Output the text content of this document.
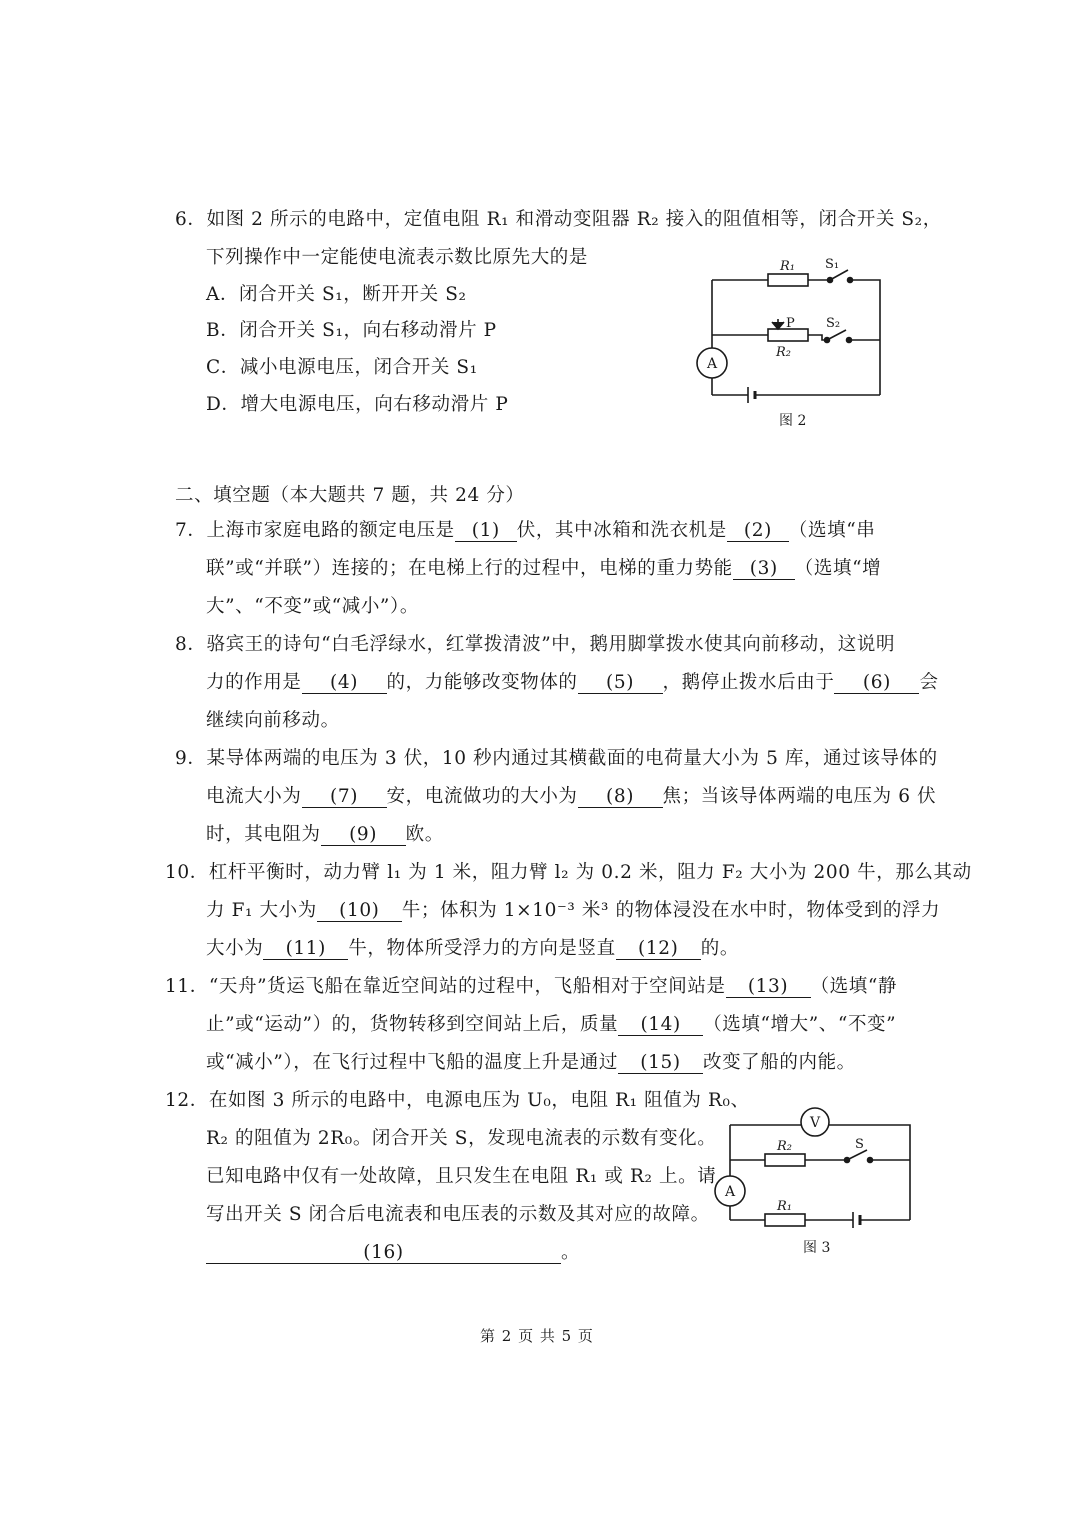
6．如图 2 所示的电路中，定值电阻 R₁ 和滑动变阻器 R₂ 接入的阻值相等，闭合开关 S₂，
下列操作中一定能使电流表示数比原先大的是
A．闭合开关 S₁，断开开关 S₂
B．闭合开关 S₁，向右移动滑片 P
C．减小电源电压，闭合开关 S₁
D．增大电源电压，向右移动滑片 P
R₁ S₁
P S₂
R₂
A
图 2
二、填空题（本大题共 7 题，共 24 分）
7．上海市家庭电路的额定电压是 (1) 伏，其中冰箱和洗衣机是 (2) （选填“串
联”或“并联”）连接的；在电梯上行的过程中，电梯的重力势能 (3) （选填“增
大”、“不变”或“减小”）。
8．骆宾王的诗句“白毛浮绿水，红掌拨清波”中，鹅用脚掌拨水使其向前移动，这说明
力的作用是 (4) 的，力能够改变物体的 (5) ，鹅停止拨水后由于 (6) 会
继续向前移动。
9．某导体两端的电压为 3 伏，10 秒内通过其横截面的电荷量大小为 5 库，通过该导体的
电流大小为 (7) 安，电流做功的大小为 (8) 焦；当该导体两端的电压为 6 伏
时，其电阻为 (9) 欧。
10．杠杆平衡时，动力臂 l₁ 为 1 米，阻力臂 l₂ 为 0.2 米，阻力 F₂ 大小为 200 牛，那么其动
力 F₁ 大小为 (10) 牛；体积为 1×10⁻³ 米³ 的物体浸没在水中时，物体受到的浮力
大小为 (11) 牛，物体所受浮力的方向是竖直 (12) 的。
11．“天舟”货运飞船在靠近空间站的过程中，飞船相对于空间站是 (13) （选填“静
止”或“运动”）的，货物转移到空间站上后，质量 (14) （选填“增大”、“不变”
或“减小”），在飞行过程中飞船的温度上升是通过 (15) 改变了船的内能。
12．在如图 3 所示的电路中，电源电压为 U₀，电阻 R₁ 阻值为 R₀、
R₂ 的阻值为 2R₀。闭合开关 S，发现电流表的示数有变化。
已知电路中仅有一处故障，且只发生在电阻 R₁ 或 R₂ 上。请
写出开关 S 闭合后电流表和电压表的示数及其对应的故障。
(16)	。
V
A
R₂	S
R₁
图 3
第 2 页 共 5 页
